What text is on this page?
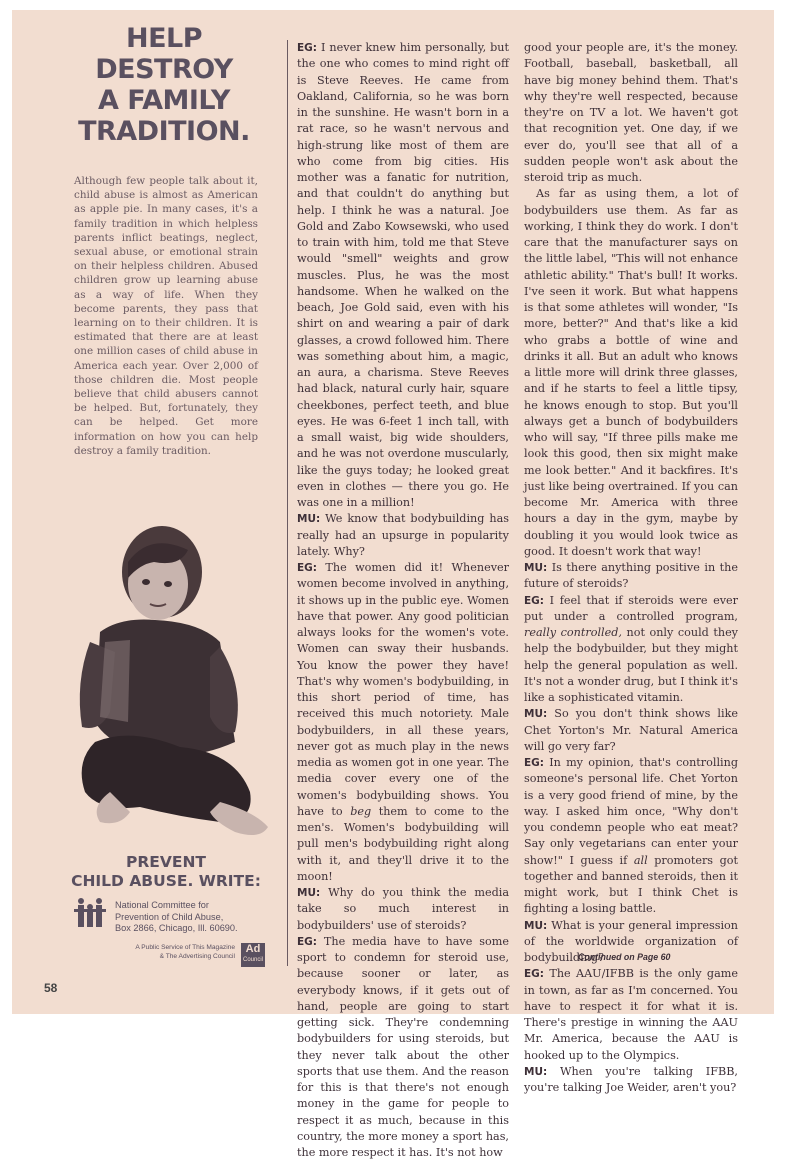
HELP
DESTROY
A FAMILY
TRADITION.

Although few people talk about it, child abuse is almost as American as apple pie. In many cases, it's a family tradition in which helpless parents inflict beatings, neglect, sexual abuse, or emotional strain on their helpless children. Abused children grow up learning abuse as a way of life. When they become parents, they pass that learning on to their children. It is estimated that there are at least one million cases of child abuse in America each year. Over 2,000 of those children die. Most people believe that child abusers cannot be helped. But, fortunately, they can be helped. Get more information on how you can help destroy a family tradition.

PREVENT
CHILD ABUSE. WRITE:
National Committee for
Prevention of Child Abuse,
Box 2866, Chicago, Ill. 60690.
A Public Service of This Magazine
& The Advertising Council
Ad
Council
58

EG: I never knew him personally, but the one who comes to mind right off is Steve Reeves. He came from Oakland, California, so he was born in the sunshine. He wasn't born in a rat race, so he wasn't nervous and high-strung like most of them are who come from big cities. His mother was a fanatic for nutrition, and that couldn't do anything but help. I think he was a natural. Joe Gold and Zabo Kowsewski, who used to train with him, told me that Steve would "smell" weights and grow muscles. Plus, he was the most handsome. When he walked on the beach, Joe Gold said, even with his shirt on and wearing a pair of dark glasses, a crowd followed him. There was something about him, a magic, an aura, a charisma. Steve Reeves had black, natural curly hair, square cheekbones, perfect teeth, and blue eyes. He was 6-feet 1 inch tall, with a small waist, big wide shoulders, and he was not overdone muscularly, like the guys today; he looked great even in clothes — there you go. He was one in a million!

MU: We know that bodybuilding has really had an upsurge in popularity lately. Why?

EG: The women did it! Whenever women become involved in anything, it shows up in the public eye. Women have that power. Any good politician always looks for the women's vote. Women can sway their husbands. You know the power they have! That's why women's bodybuilding, in this short period of time, has received this much notoriety. Male bodybuilders, in all these years, never got as much play in the news media as women got in one year. The media cover every one of the women's bodybuilding shows. You have to beg them to come to the men's. Women's bodybuilding will pull men's bodybuilding right along with it, and they'll drive it to the moon!

MU: Why do you think the media take so much interest in bodybuilders' use of steroids?

EG: The media have to have some sport to condemn for steroid use, because sooner or later, as everybody knows, if it gets out of hand, people are going to start getting sick. They're condemning bodybuilders for using steroids, but they never talk about the other sports that use them. And the reason for this is that there's not enough money in the game for people to respect it as much, because in this country, the more money a sport has, the more respect it has. It's not how

good your people are, it's the money. Football, baseball, basketball, all have big money behind them. That's why they're well respected, because they're on TV a lot. We haven't got that recognition yet. One day, if we ever do, you'll see that all of a sudden people won't ask about the steroid trip as much.

As far as using them, a lot of bodybuilders use them. As far as working, I think they do work. I don't care that the manufacturer says on the little label, "This will not enhance athletic ability." That's bull! It works. I've seen it work. But what happens is that some athletes will wonder, "Is more, better?" And that's like a kid who grabs a bottle of wine and drinks it all. But an adult who knows a little more will drink three glasses, and if he starts to feel a little tipsy, he knows enough to stop. But you'll always get a bunch of bodybuilders who will say, "If three pills make me look this good, then six might make me look better." And it backfires. It's just like being overtrained. If you can become Mr. America with three hours a day in the gym, maybe by doubling it you would look twice as good. It doesn't work that way!

MU: Is there anything positive in the future of steroids?

EG: I feel that if steroids were ever put under a controlled program, really controlled, not only could they help the bodybuilder, but they might help the general population as well. It's not a wonder drug, but I think it's like a sophisticated vitamin.

MU: So you don't think shows like Chet Yorton's Mr. Natural America will go very far?

EG: In my opinion, that's controlling someone's personal life. Chet Yorton is a very good friend of mine, by the way. I asked him once, "Why don't you condemn people who eat meat? Say only vegetarians can enter your show!" I guess if all promoters got together and banned steroids, then it might work, but I think Chet is fighting a losing battle.

MU: What is your general impression of the worldwide organization of bodybuilding?

EG: The AAU/IFBB is the only game in town, as far as I'm concerned. You have to respect it for what it is. There's prestige in winning the AAU Mr. America, because the AAU is hooked up to the Olympics.

MU: When you're talking IFBB, you're talking Joe Weider, aren't you?

Continued on Page 60
